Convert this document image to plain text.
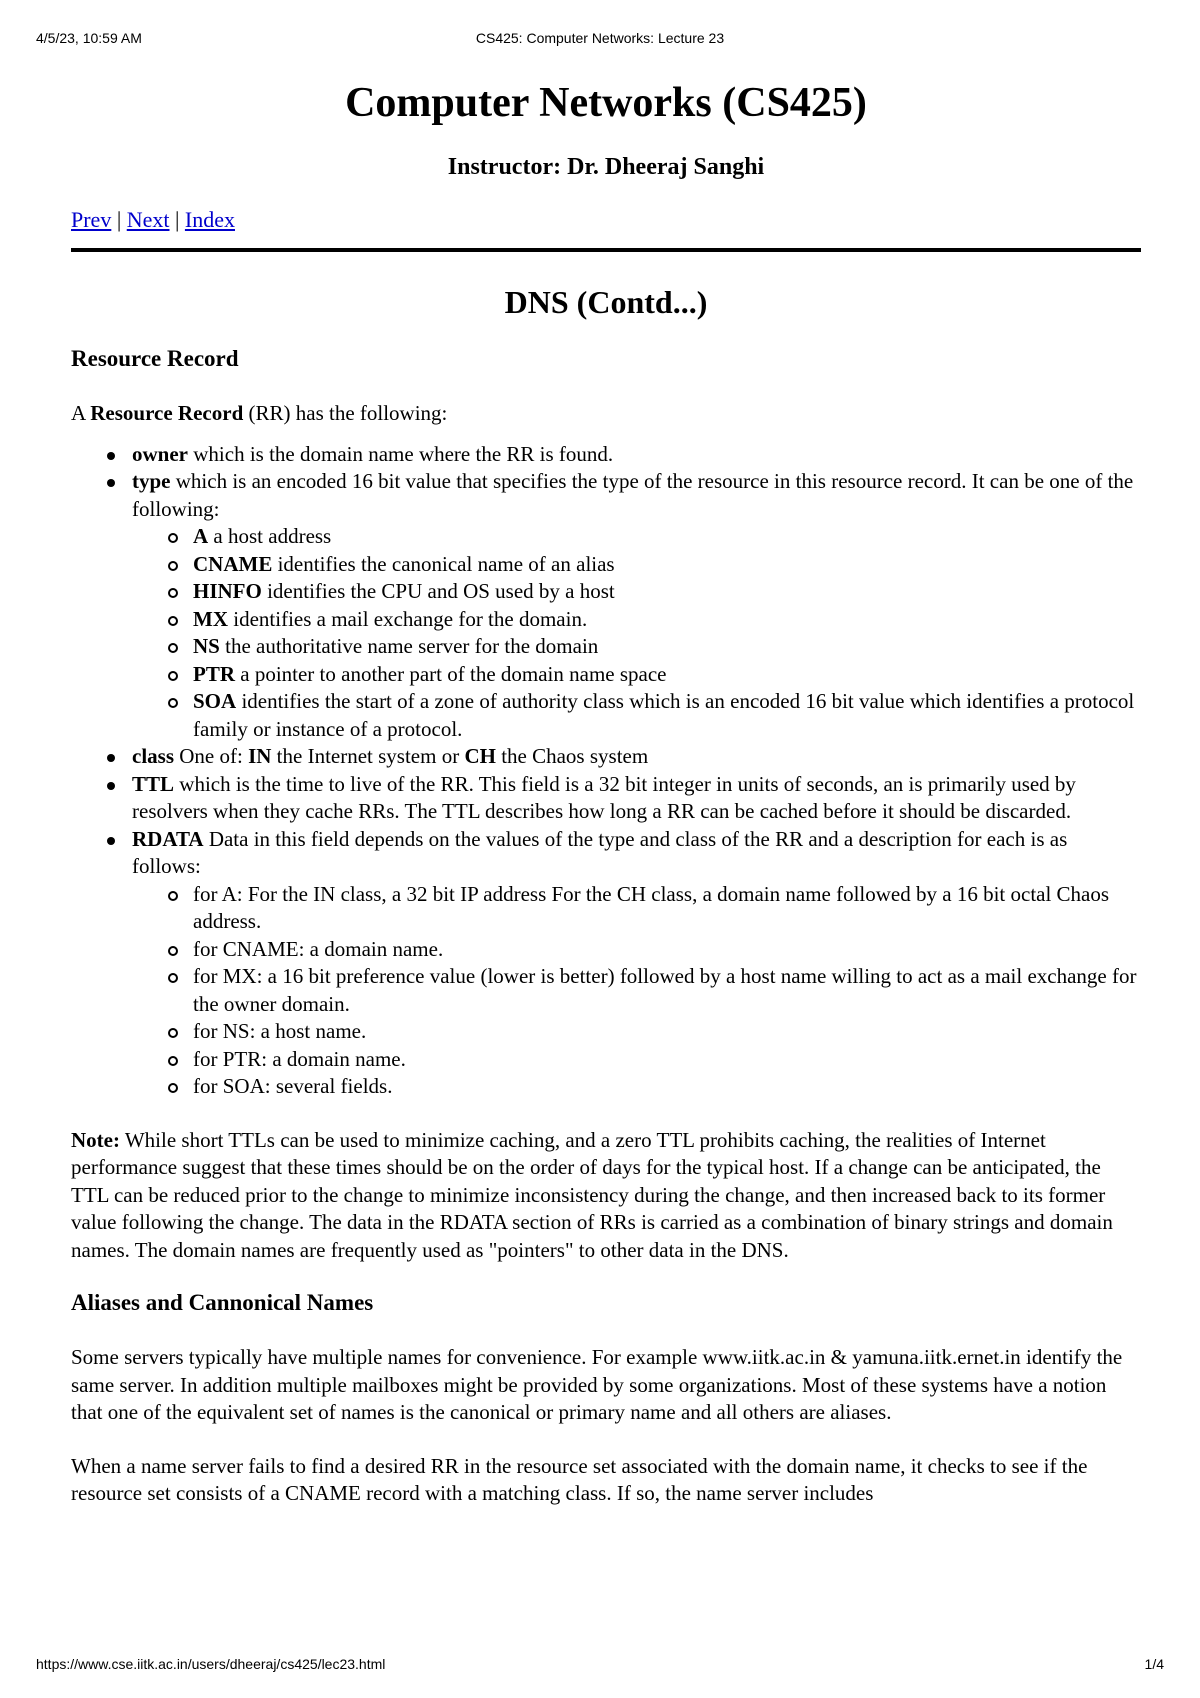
4/5/23, 10:59 AM	CS425: Computer Networks: Lecture 23
Computer Networks (CS425)
Instructor: Dr. Dheeraj Sanghi
Prev | Next | Index
DNS (Contd...)
Resource Record

A Resource Record (RR) has the following:

owner which is the domain name where the RR is found.
type which is an encoded 16 bit value that specifies the type of the resource in this resource record. It can be one of the following:
A a host address
CNAME identifies the canonical name of an alias
HINFO identifies the CPU and OS used by a host
MX identifies a mail exchange for the domain.
NS the authoritative name server for the domain
PTR a pointer to another part of the domain name space
SOA identifies the start of a zone of authority class which is an encoded 16 bit value which identifies a protocol family or instance of a protocol.
class One of: IN the Internet system or CH the Chaos system
TTL which is the time to live of the RR. This field is a 32 bit integer in units of seconds, an is primarily used by resolvers when they cache RRs. The TTL describes how long a RR can be cached before it should be discarded.
RDATA Data in this field depends on the values of the type and class of the RR and a description for each is as follows:
for A: For the IN class, a 32 bit IP address For the CH class, a domain name followed by a 16 bit octal Chaos address.
for CNAME: a domain name.
for MX: a 16 bit preference value (lower is better) followed by a host name willing to act as a mail exchange for the owner domain.
for NS: a host name.
for PTR: a domain name.
for SOA: several fields.

Note: While short TTLs can be used to minimize caching, and a zero TTL prohibits caching, the realities of Internet performance suggest that these times should be on the order of days for the typical host. If a change can be anticipated, the TTL can be reduced prior to the change to minimize inconsistency during the change, and then increased back to its former value following the change. The data in the RDATA section of RRs is carried as a combination of binary strings and domain names. The domain names are frequently used as "pointers" to other data in the DNS.

Aliases and Cannonical Names

Some servers typically have multiple names for convenience. For example www.iitk.ac.in & yamuna.iitk.ernet.in identify the same server. In addition multiple mailboxes might be provided by some organizations. Most of these systems have a notion that one of the equivalent set of names is the canonical or primary name and all others are aliases.

When a name server fails to find a desired RR in the resource set associated with the domain name, it checks to see if the resource set consists of a CNAME record with a matching class. If so, the name server includes

https://www.cse.iitk.ac.in/users/dheeraj/cs425/lec23.html	1/4
